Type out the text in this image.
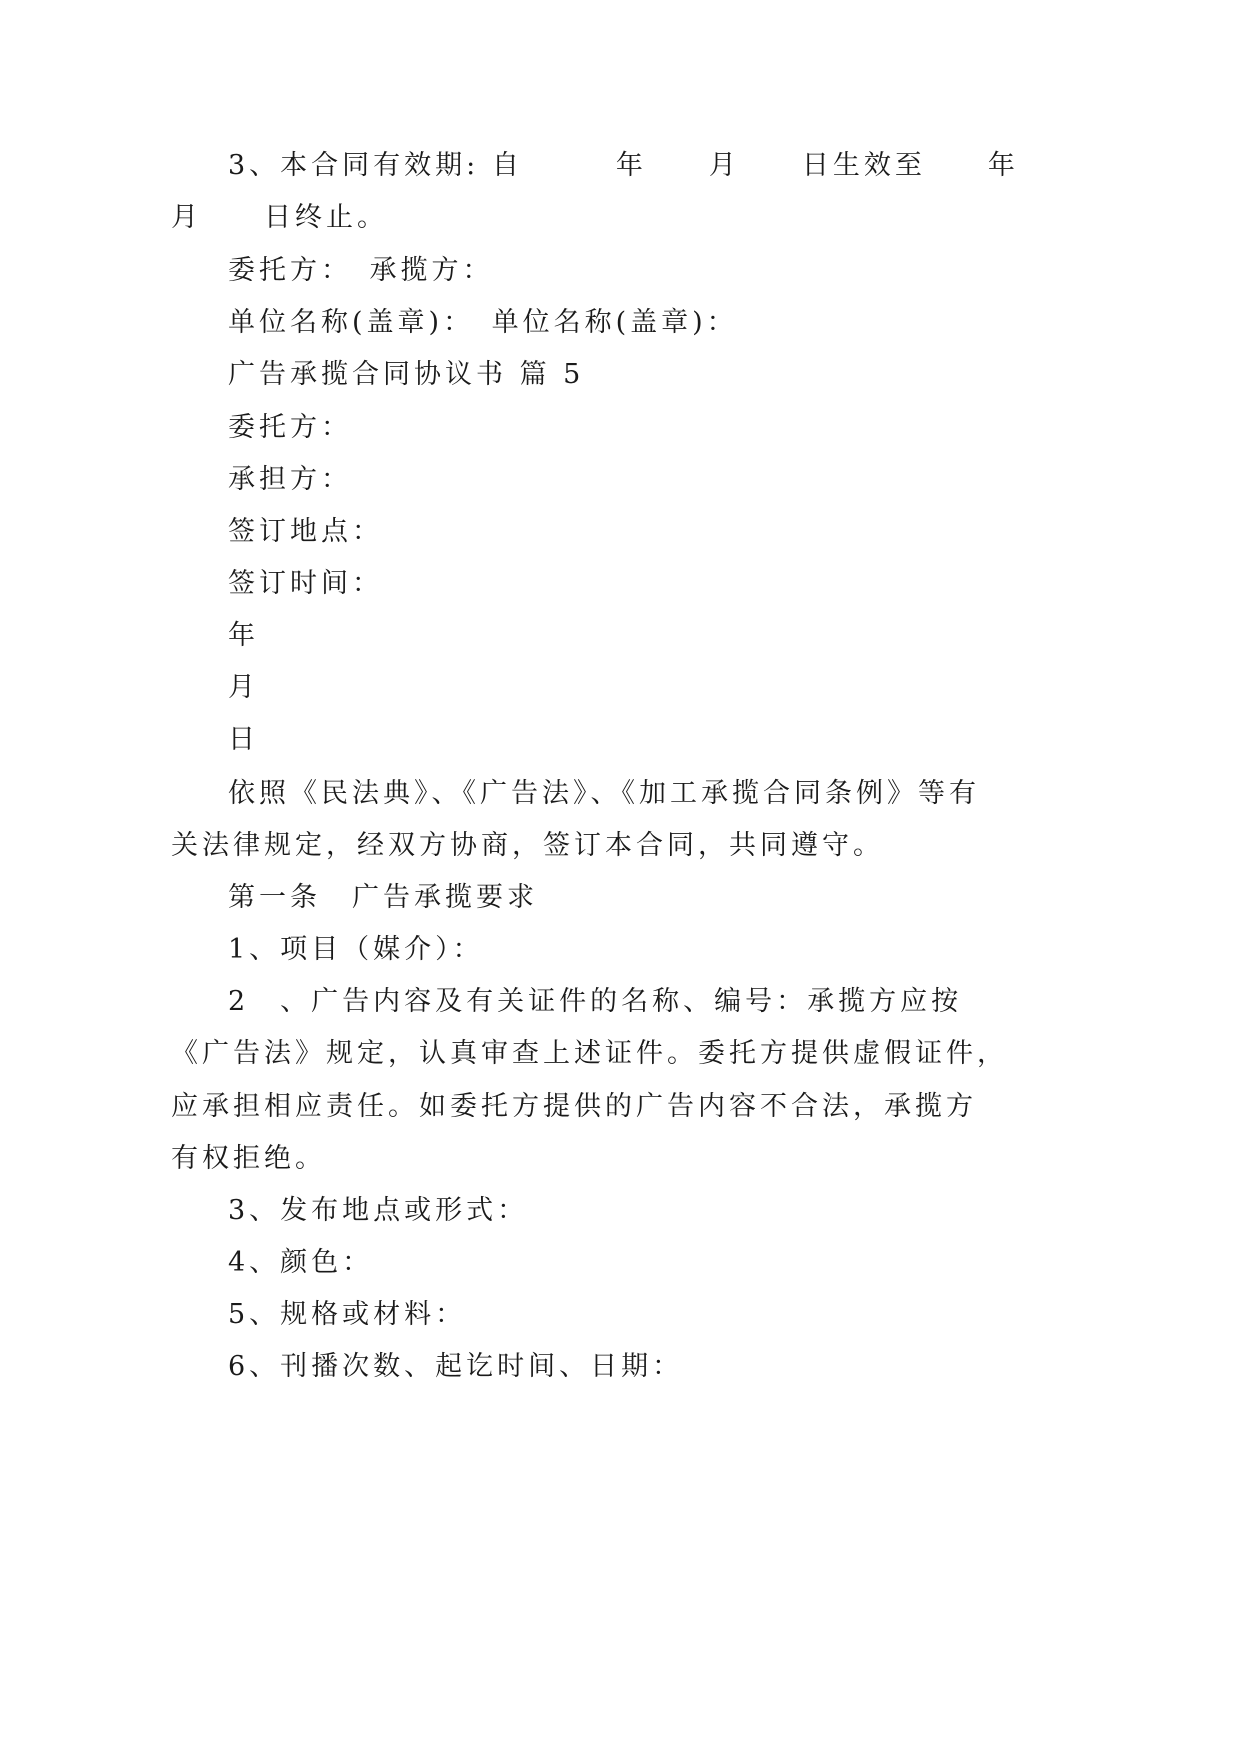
3、本合同有效期: 自　　　年　　月　　日生效至　　年
月　　日终止。
委托方：　承揽方：
单位名称(盖章)：　单位名称(盖章)：
广告承揽合同协议书 篇 5
委托方：
承担方：
签订地点：
签订时间：
年
月
日
依照《民法典》、《广告法》、《加工承揽合同条例》等有
关法律规定，经双方协商，签订本合同，共同遵守。
第一条　广告承揽要求
1、项目（媒介）：
2　、广告内容及有关证件的名称、编号：承揽方应按
《广告法》规定，认真审查上述证件。委托方提供虚假证件，
应承担相应责任。如委托方提供的广告内容不合法，承揽方
有权拒绝。
3、发布地点或形式：
4、颜色：
5、规格或材料：
6、刊播次数、起讫时间、日期：
